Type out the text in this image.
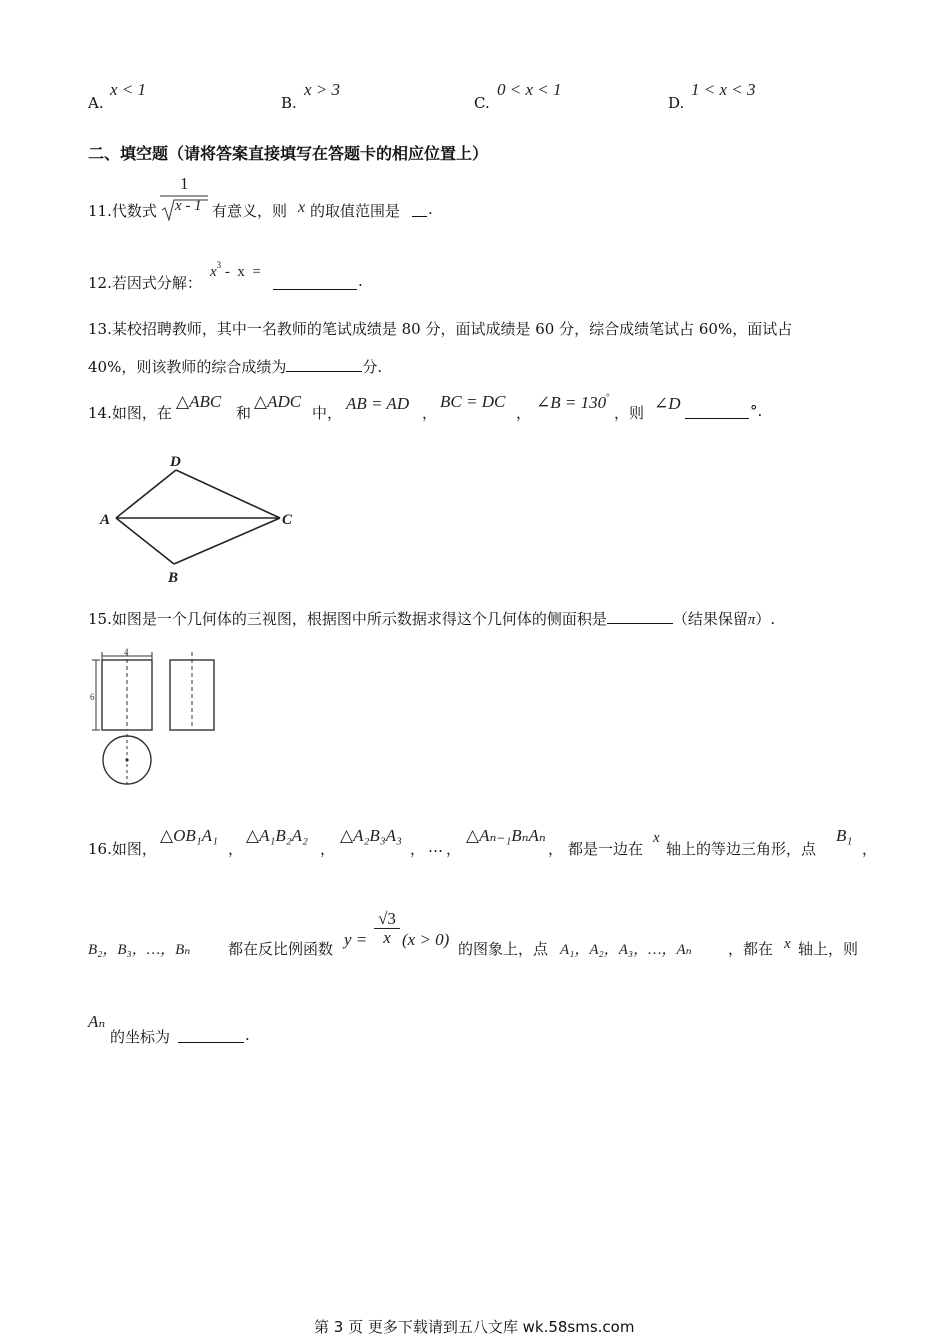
A.
x < 1
B.
x > 3
C.
0 < x < 1
D.
1 < x < 3
二、填空题（请将答案直接填写在答题卡的相应位置上）
11.代数式
1
x - 1 有意义，则 x 的取值范围是 .
12.若因式分解：
$x^3$ -  x  =	.
13.某校招聘教师，其中一名教师的笔试成绩是 80 分，面试成绩是 60 分，综合成绩笔试占 60%，面试占
40%，则该教师的综合成绩为	分.
14.如图，在
△ABC
和
△ADC
中， AB = AD ，
BC = DC
，
∠B = 130°
，则 ∠D	°.
D
A	C
B
15.如图是一个几何体的三视图，根据图中所示数据求得这个几何体的侧面积是	（结果保留π）.
4
6
16.如图，
△OB₁A₁
，
△A₁B₂A₂
，
△A₂B₃A₃
， … ，
△Aₙ₋₁BₙAₙ
， 都是一边在
x
轴上的等边三角形，点
B₁
，
B₂，B₃，…，Bₙ	都在反比例函数 $y = \frac{√3}{x} (x > 0)$ 的图象上，点 A₁，A₂，A₃，…，Aₙ ，都在 x 轴上，则
Aₙ
的坐标为	.
第 3 页 更多下载请到五八文库 wk.58sms.com
